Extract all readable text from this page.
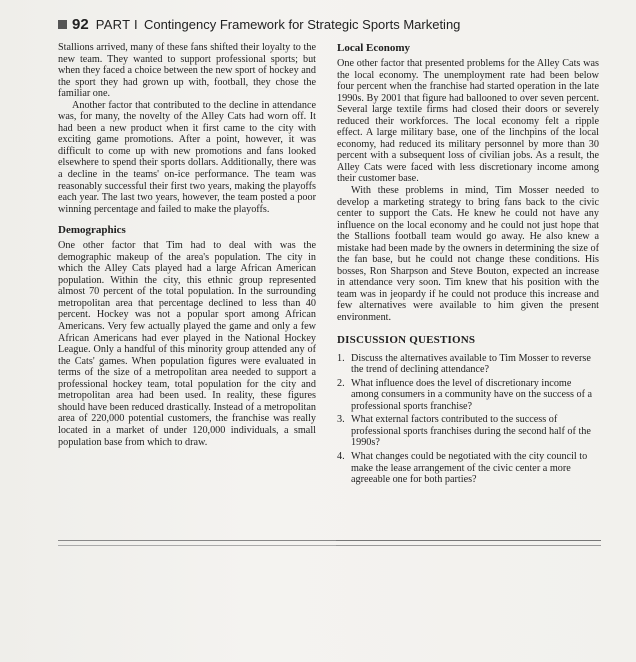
92 PART I Contingency Framework for Strategic Sports Marketing

Stallions arrived, many of these fans shifted their loyalty to the new team. They wanted to support professional sports; but when they faced a choice between the new sport of hockey and the sport they had grown up with, football, they chose the familiar one.

Another factor that contributed to the decline in attendance was, for many, the novelty of the Alley Cats had worn off. It had been a new product when it first came to the city with exciting game promotions. After a point, however, it was difficult to come up with new promotions and fans looked elsewhere to spend their sports dollars. Additionally, there was a decline in the teams' on-ice performance. The team was reasonably successful their first two years, making the playoffs each year. The last two years, however, the team posted a poor winning percentage and failed to make the playoffs.

Demographics

One other factor that Tim had to deal with was the demographic makeup of the area's population. The city in which the Alley Cats played had a large African American population. Within the city, this ethnic group represented almost 70 percent of the total population. In the surrounding metropolitan area that percentage declined to less than 40 percent. Hockey was not a popular sport among African Americans. Very few actually played the game and only a few African Americans had ever played in the National Hockey League. Only a handful of this minority group attended any of the Cats' games. When population figures were evaluated in terms of the size of a metropolitan area needed to support a professional hockey team, total population for the city and metropolitan area had been used. In reality, these figures should have been reduced drastically. Instead of a metropolitan area of 220,000 potential customers, the franchise was really located in a market of under 120,000 individuals, a small population base from which to draw.

Local Economy

One other factor that presented problems for the Alley Cats was the local economy. The unemployment rate had been below four percent when the franchise had started operation in the late 1990s. By 2001 that figure had ballooned to over seven percent. Several large textile firms had closed their doors or severely reduced their workforces. The local economy felt a ripple effect. A large military base, one of the linchpins of the local economy, had reduced its military personnel by more than 30 percent with a subsequent loss of civilian jobs. As a result, the Alley Cats were faced with less discretionary income among their customer base.

With these problems in mind, Tim Mosser needed to develop a marketing strategy to bring fans back to the civic center to support the Cats. He knew he could not have any influence on the local economy and he could not just hope that the Stallions football team would go away. He also knew a mistake had been made by the owners in determining the size of the fan base, but he could not change these conditions. His bosses, Ron Sharpson and Steve Bouton, expected an increase in attendance very soon. Tim knew that his position with the team was in jeopardy if he could not produce this increase and few alternatives were available to him given the present environment.

DISCUSSION QUESTIONS
1. Discuss the alternatives available to Tim Mosser to reverse the trend of declining attendance?
2. What influence does the level of discretionary income among consumers in a community have on the success of a professional sports franchise?
3. What external factors contributed to the success of professional sports franchises during the second half of the 1990s?
4. What changes could be negotiated with the city council to make the lease arrangement of the civic center a more agreeable one for both parties?
